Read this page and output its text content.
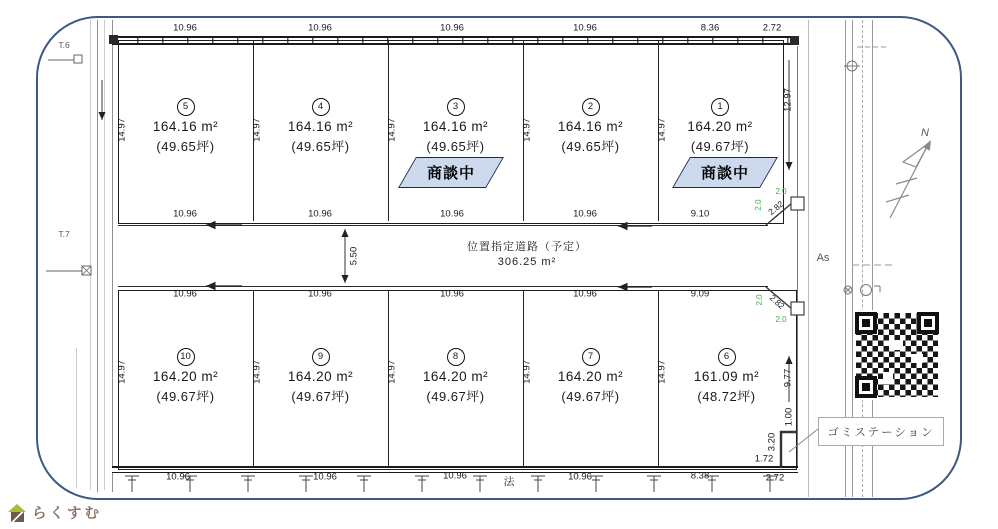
5
164.16 m²
(49.65坪)
4
164.16 m²
(49.65坪)
3
164.16 m²
(49.65坪)
2
164.16 m²
(49.65坪)
1
164.20 m²
(49.67坪)
10
164.20 m²
(49.67坪)
9
164.20 m²
(49.67坪)
8
164.20 m²
(49.67坪)
7
164.20 m²
(49.67坪)
6
161.09 m²
(48.72坪)
商談中	商談中
位置指定道路（予定）
306.25 m²
5.50
10.96	10.96	10.96	10.96	8.36	2.72
10.96	10.96	10.96	10.96	9.10
10.96	10.96	10.96	10.96	9.09
10.96	10.96	10.96	10.96	8.38	2.72
14.97	14.97	14.97	14.97	14.97
14.97	14.97	14.97	14.97	14.97
12.97
9.77
1.00
3.20
1.72
2.0
2.0 2.82
2.0 2.82
2.0
T.6
T.7
As
N
法
ゴミステーション
らくすむ
